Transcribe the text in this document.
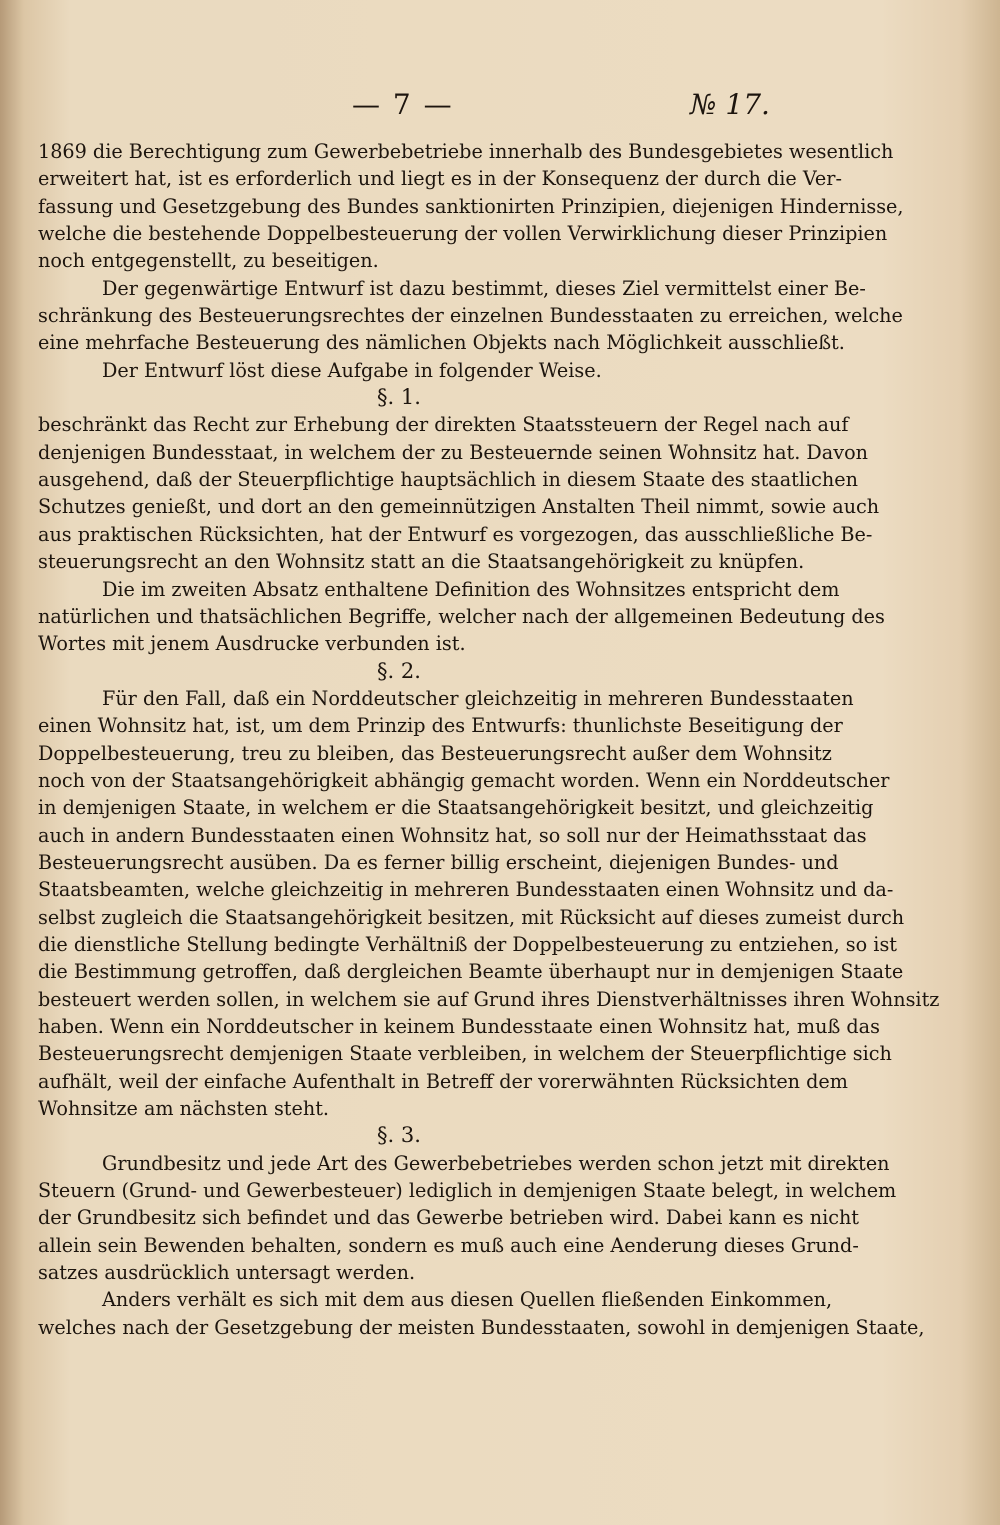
— 7 —	№ 17.
1869 die Berechtigung zum Gewerbebetriebe innerhalb des Bundesgebietes wesentlich
erweitert hat, ist es erforderlich und liegt es in der Konsequenz der durch die Ver-
fassung und Gesetzgebung des Bundes sanktionirten Prinzipien, diejenigen Hindernisse,
welche die bestehende Doppelbesteuerung der vollen Verwirklichung dieser Prinzipien
noch entgegenstellt, zu beseitigen.
Der gegenwärtige Entwurf ist dazu bestimmt, dieses Ziel vermittelst einer Be-
schränkung des Besteuerungsrechtes der einzelnen Bundesstaaten zu erreichen, welche
eine mehrfache Besteuerung des nämlichen Objekts nach Möglichkeit ausschließt.
Der Entwurf löst diese Aufgabe in folgender Weise.
§. 1.
beschränkt das Recht zur Erhebung der direkten Staatssteuern der Regel nach auf
denjenigen Bundesstaat, in welchem der zu Besteuernde seinen Wohnsitz hat. Davon
ausgehend, daß der Steuerpflichtige hauptsächlich in diesem Staate des staatlichen
Schutzes genießt, und dort an den gemeinnützigen Anstalten Theil nimmt, sowie auch
aus praktischen Rücksichten, hat der Entwurf es vorgezogen, das ausschließliche Be-
steuerungsrecht an den Wohnsitz statt an die Staatsangehörigkeit zu knüpfen.
Die im zweiten Absatz enthaltene Definition des Wohnsitzes entspricht dem
natürlichen und thatsächlichen Begriffe, welcher nach der allgemeinen Bedeutung des
Wortes mit jenem Ausdrucke verbunden ist.
§. 2.
Für den Fall, daß ein Norddeutscher gleichzeitig in mehreren Bundesstaaten
einen Wohnsitz hat, ist, um dem Prinzip des Entwurfs: thunlichste Beseitigung der
Doppelbesteuerung, treu zu bleiben, das Besteuerungsrecht außer dem Wohnsitz
noch von der Staatsangehörigkeit abhängig gemacht worden. Wenn ein Norddeutscher
in demjenigen Staate, in welchem er die Staatsangehörigkeit besitzt, und gleichzeitig
auch in andern Bundesstaaten einen Wohnsitz hat, so soll nur der Heimathsstaat das
Besteuerungsrecht ausüben. Da es ferner billig erscheint, diejenigen Bundes- und
Staatsbeamten, welche gleichzeitig in mehreren Bundesstaaten einen Wohnsitz und da-
selbst zugleich die Staatsangehörigkeit besitzen, mit Rücksicht auf dieses zumeist durch
die dienstliche Stellung bedingte Verhältniß der Doppelbesteuerung zu entziehen, so ist
die Bestimmung getroffen, daß dergleichen Beamte überhaupt nur in demjenigen Staate
besteuert werden sollen, in welchem sie auf Grund ihres Dienstverhältnisses ihren Wohnsitz
haben. Wenn ein Norddeutscher in keinem Bundesstaate einen Wohnsitz hat, muß das
Besteuerungsrecht demjenigen Staate verbleiben, in welchem der Steuerpflichtige sich
aufhält, weil der einfache Aufenthalt in Betreff der vorerwähnten Rücksichten dem
Wohnsitze am nächsten steht.
§. 3.
Grundbesitz und jede Art des Gewerbebetriebes werden schon jetzt mit direkten
Steuern (Grund- und Gewerbesteuer) lediglich in demjenigen Staate belegt, in welchem
der Grundbesitz sich befindet und das Gewerbe betrieben wird. Dabei kann es nicht
allein sein Bewenden behalten, sondern es muß auch eine Aenderung dieses Grund-
satzes ausdrücklich untersagt werden.
Anders verhält es sich mit dem aus diesen Quellen fließenden Einkommen,
welches nach der Gesetzgebung der meisten Bundesstaaten, sowohl in demjenigen Staate,
